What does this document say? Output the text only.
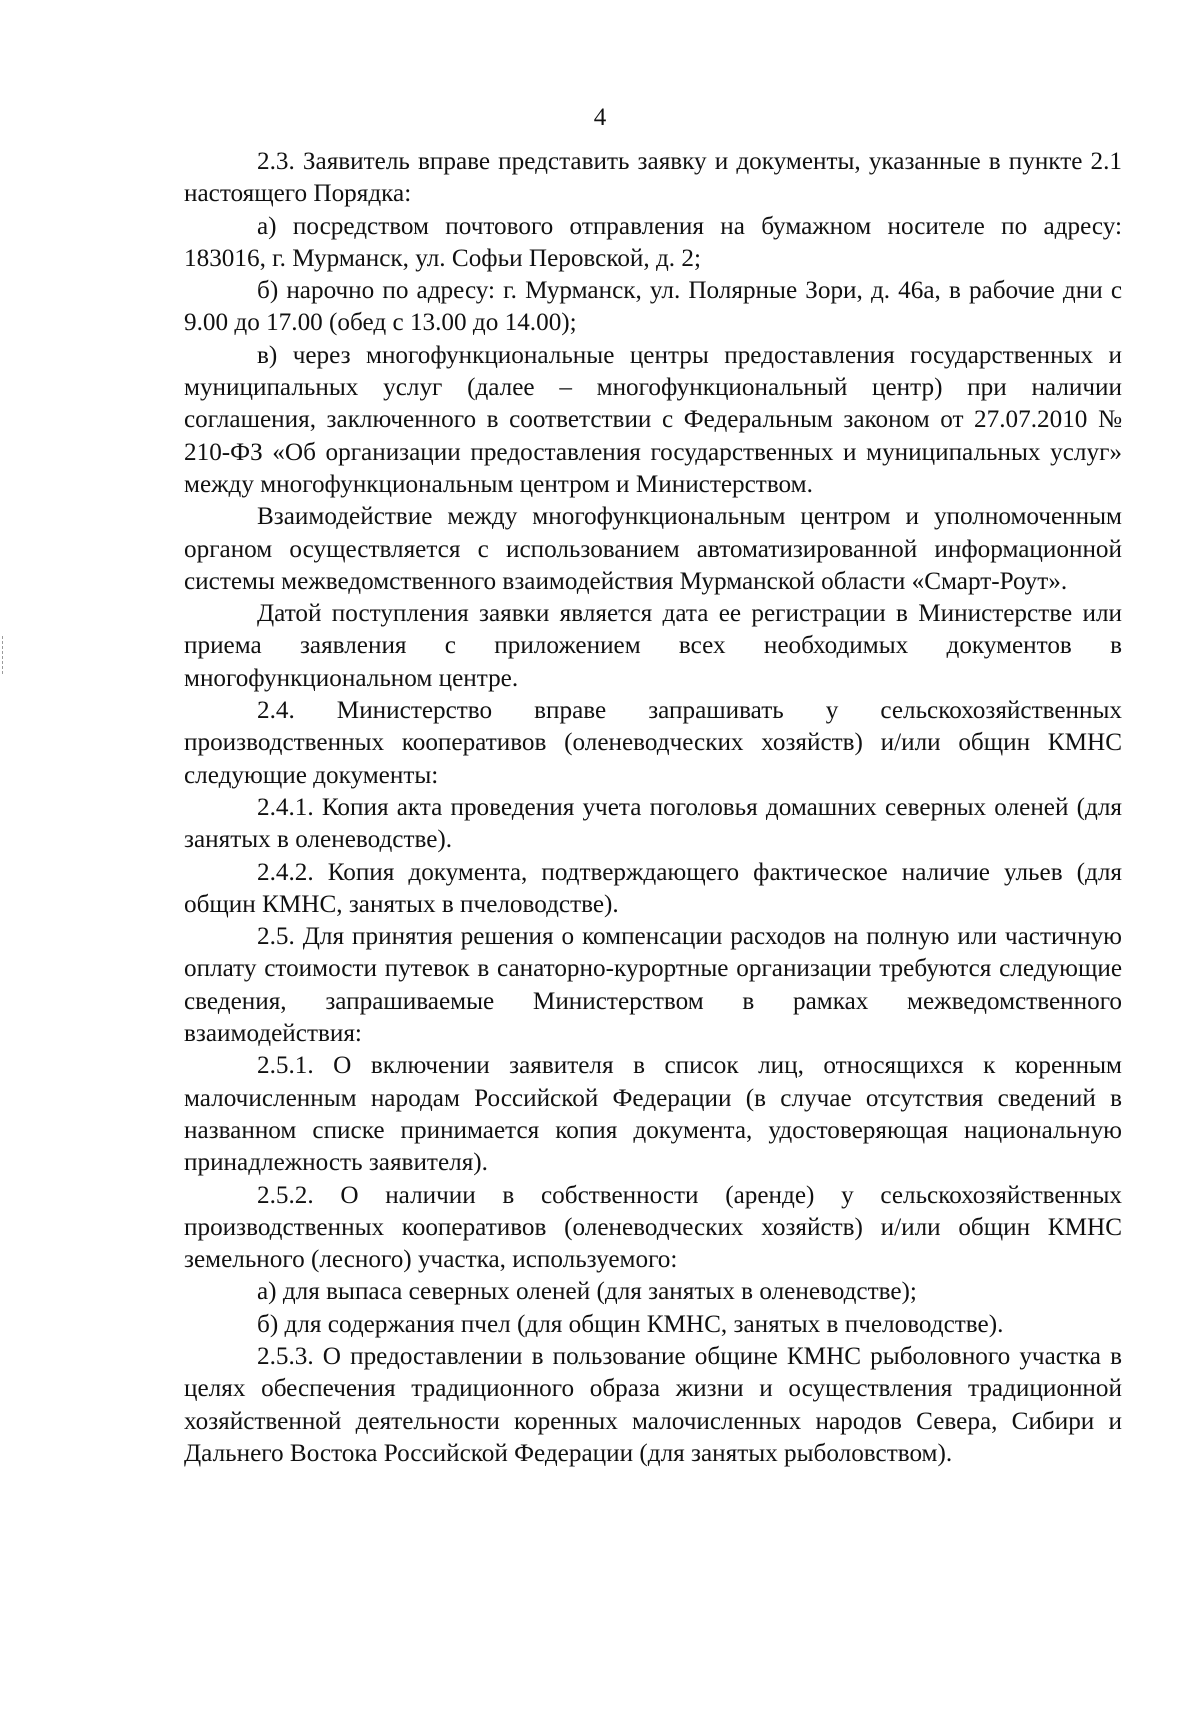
4

2.3. Заявитель вправе представить заявку и документы, указанные в пункте 2.1 настоящего Порядка:

а) посредством почтового отправления на бумажном носителе по адресу: 183016, г. Мурманск, ул. Софьи Перовской, д. 2;

б) нарочно по адресу: г. Мурманск, ул. Полярные Зори, д. 46а, в рабочие дни с 9.00 до 17.00 (обед с 13.00 до 14.00);

в) через многофункциональные центры предоставления государственных и муниципальных услуг (далее – многофункциональный центр) при наличии соглашения, заключенного в соответствии с Федеральным законом от 27.07.2010 № 210-ФЗ «Об организации предоставления государственных и муниципальных услуг» между многофункциональным центром и Министерством.

Взаимодействие между многофункциональным центром и уполномоченным органом осуществляется с использованием автоматизированной информационной системы межведомственного взаимодействия Мурманской области «Смарт-Роут».

Датой поступления заявки является дата ее регистрации в Министерстве или приема заявления с приложением всех необходимых документов в многофункциональном центре.

2.4. Министерство вправе запрашивать у сельскохозяйственных производственных кооперативов (оленеводческих хозяйств) и/или общин КМНС следующие документы:

2.4.1. Копия акта проведения учета поголовья домашних северных оленей (для занятых в оленеводстве).

2.4.2. Копия документа, подтверждающего фактическое наличие ульев (для общин КМНС, занятых в пчеловодстве).

2.5. Для принятия решения о компенсации расходов на полную или частичную оплату стоимости путевок в санаторно-курортные организации требуются следующие сведения, запрашиваемые Министерством в рамках межведомственного взаимодействия:

2.5.1. О включении заявителя в список лиц, относящихся к коренным малочисленным народам Российской Федерации (в случае отсутствия сведений в названном списке принимается копия документа, удостоверяющая национальную принадлежность заявителя).

2.5.2. О наличии в собственности (аренде) у сельскохозяйственных производственных кооперативов (оленеводческих хозяйств) и/или общин КМНС земельного (лесного) участка, используемого:

а) для выпаса северных оленей (для занятых в оленеводстве);

б) для содержания пчел (для общин КМНС, занятых в пчеловодстве).

2.5.3. О предоставлении в пользование общине КМНС рыболовного участка в целях обеспечения традиционного образа жизни и осуществления традиционной хозяйственной деятельности коренных малочисленных народов Севера, Сибири и Дальнего Востока Российской Федерации (для занятых рыболовством).
